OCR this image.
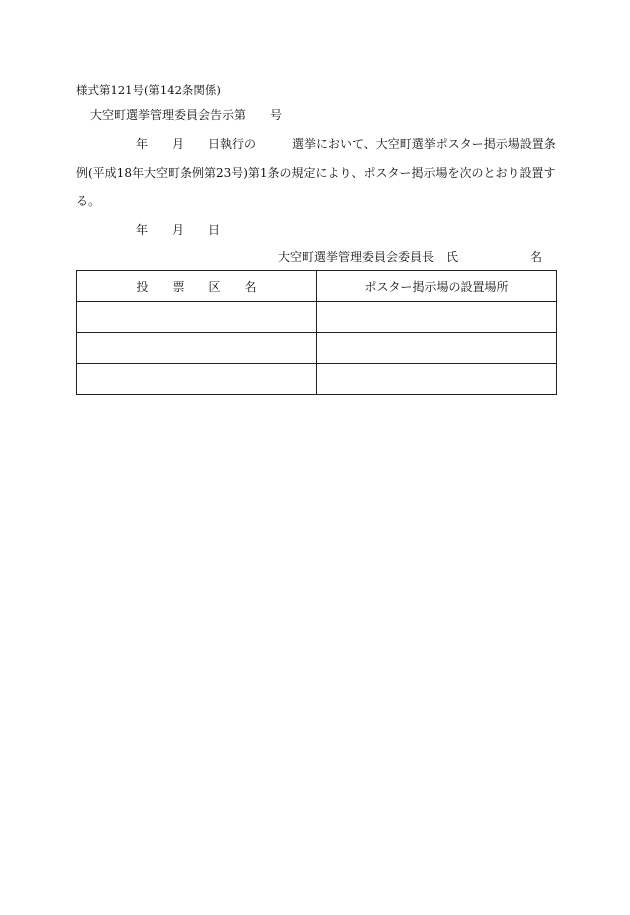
様式第121号(第142条関係)
大空町選挙管理委員会告示第　　号
　　　　　年　　月　　日執行の　　　選挙において、大空町選挙ポスター掲示場設置条
例(平成18年大空町条例第23号)第1条の規定により、ポスター掲示場を次のとおり設置す
る。
　　　　　年　　月　　日
大空町選挙管理委員会委員長　氏　　　　　　名
投　　票　　区　　名	ポスター掲示場の設置場所
